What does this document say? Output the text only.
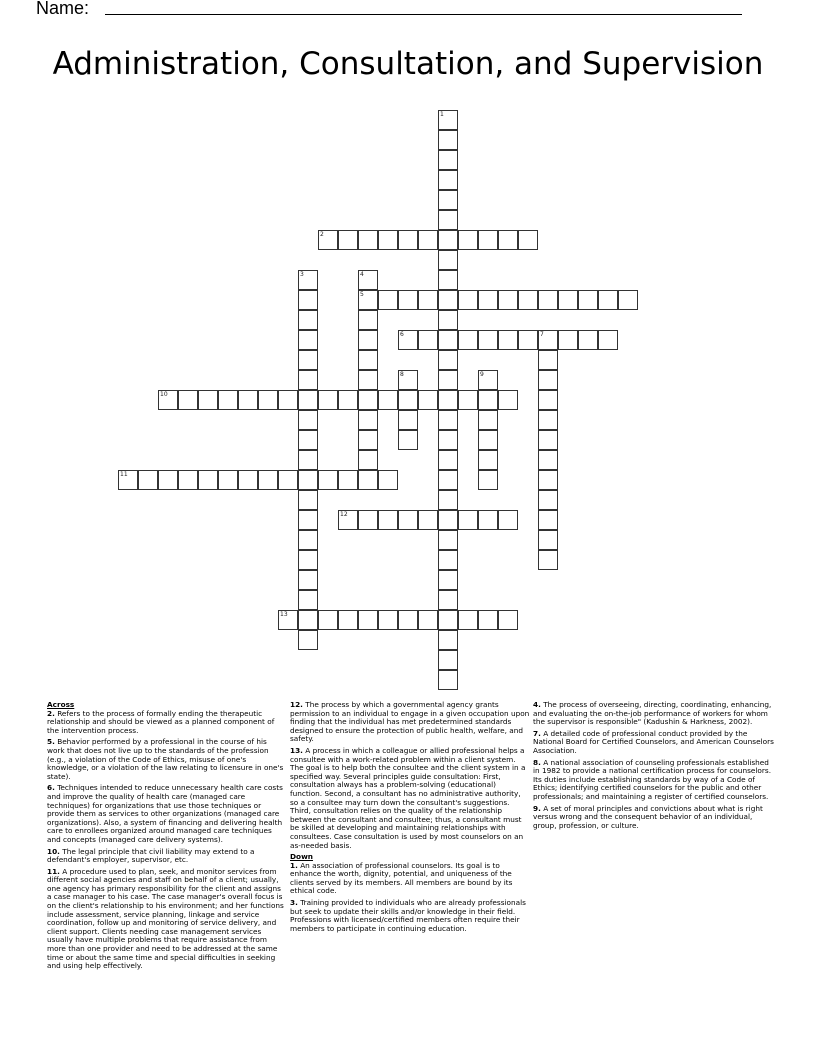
Name:
Administration, Consultation, and Supervision
1
2
3	4
5
6	7
8	9
10
11
12
13

Across

2. Refers to the process of formally ending the therapeutic relationship and should be viewed as a planned component of the intervention process.

5. Behavior performed by a professional in the course of his work that does not live up to the standards of the profession (e.g., a violation of the Code of Ethics, misuse of one's knowledge, or a violation of the law relating to licensure in one's state).

6. Techniques intended to reduce unnecessary health care costs and improve the quality of health care (managed care techniques) for organizations that use those techniques or provide them as services to other organizations (managed care organizations). Also, a system of financing and delivering health care to enrollees organized around managed care techniques and concepts (managed care delivery systems).

10. The legal principle that civil liability may extend to a defendant's employer, supervisor, etc.

11. A procedure used to plan, seek, and monitor services from different social agencies and staff on behalf of a client; usually, one agency has primary responsibility for the client and assigns a case manager to his case. The case manager's overall focus is on the client's relationship to his environment; and her functions include assessment, service planning, linkage and service coordination, follow up and monitoring of service delivery, and client support. Clients needing case management services usually have multiple problems that require assistance from more than one provider and need to be addressed at the same time or about the same time and special difficulties in seeking and using help effectively.

12. The process by which a governmental agency grants permission to an individual to engage in a given occupation upon finding that the individual has met predetermined standards designed to ensure the protection of public health, welfare, and safety.

13. A process in which a colleague or allied professional helps a consultee with a work-related problem within a client system. The goal is to help both the consultee and the client system in a specified way. Several principles guide consultation: First, consultation always has a problem-solving (educational) function. Second, a consultant has no administrative authority, so a consultee may turn down the consultant's suggestions. Third, consultation relies on the quality of the relationship between the consultant and consultee; thus, a consultant must be skilled at developing and maintaining relationships with consultees. Case consultation is used by most counselors on an as-needed basis.

Down

1. An association of professional counselors. Its goal is to enhance the worth, dignity, potential, and uniqueness of the clients served by its members. All members are bound by its ethical code.

3. Training provided to individuals who are already professionals but seek to update their skills and/or knowledge in their field. Professions with licensed/certified members often require their members to participate in continuing education.

4. The process of overseeing, directing, coordinating, enhancing, and evaluating the on-the-job performance of workers for whom the supervisor is responsible" (Kadushin & Harkness, 2002).

7. A detailed code of professional conduct provided by the National Board for Certified Counselors, and American Counselors Association.

8. A national association of counseling professionals established in 1982 to provide a national certification process for counselors. Its duties include establishing standards by way of a Code of Ethics; identifying certified counselors for the public and other professionals; and maintaining a register of certified counselors.

9. A set of moral principles and convictions about what is right versus wrong and the consequent behavior of an individual, group, profession, or culture.
